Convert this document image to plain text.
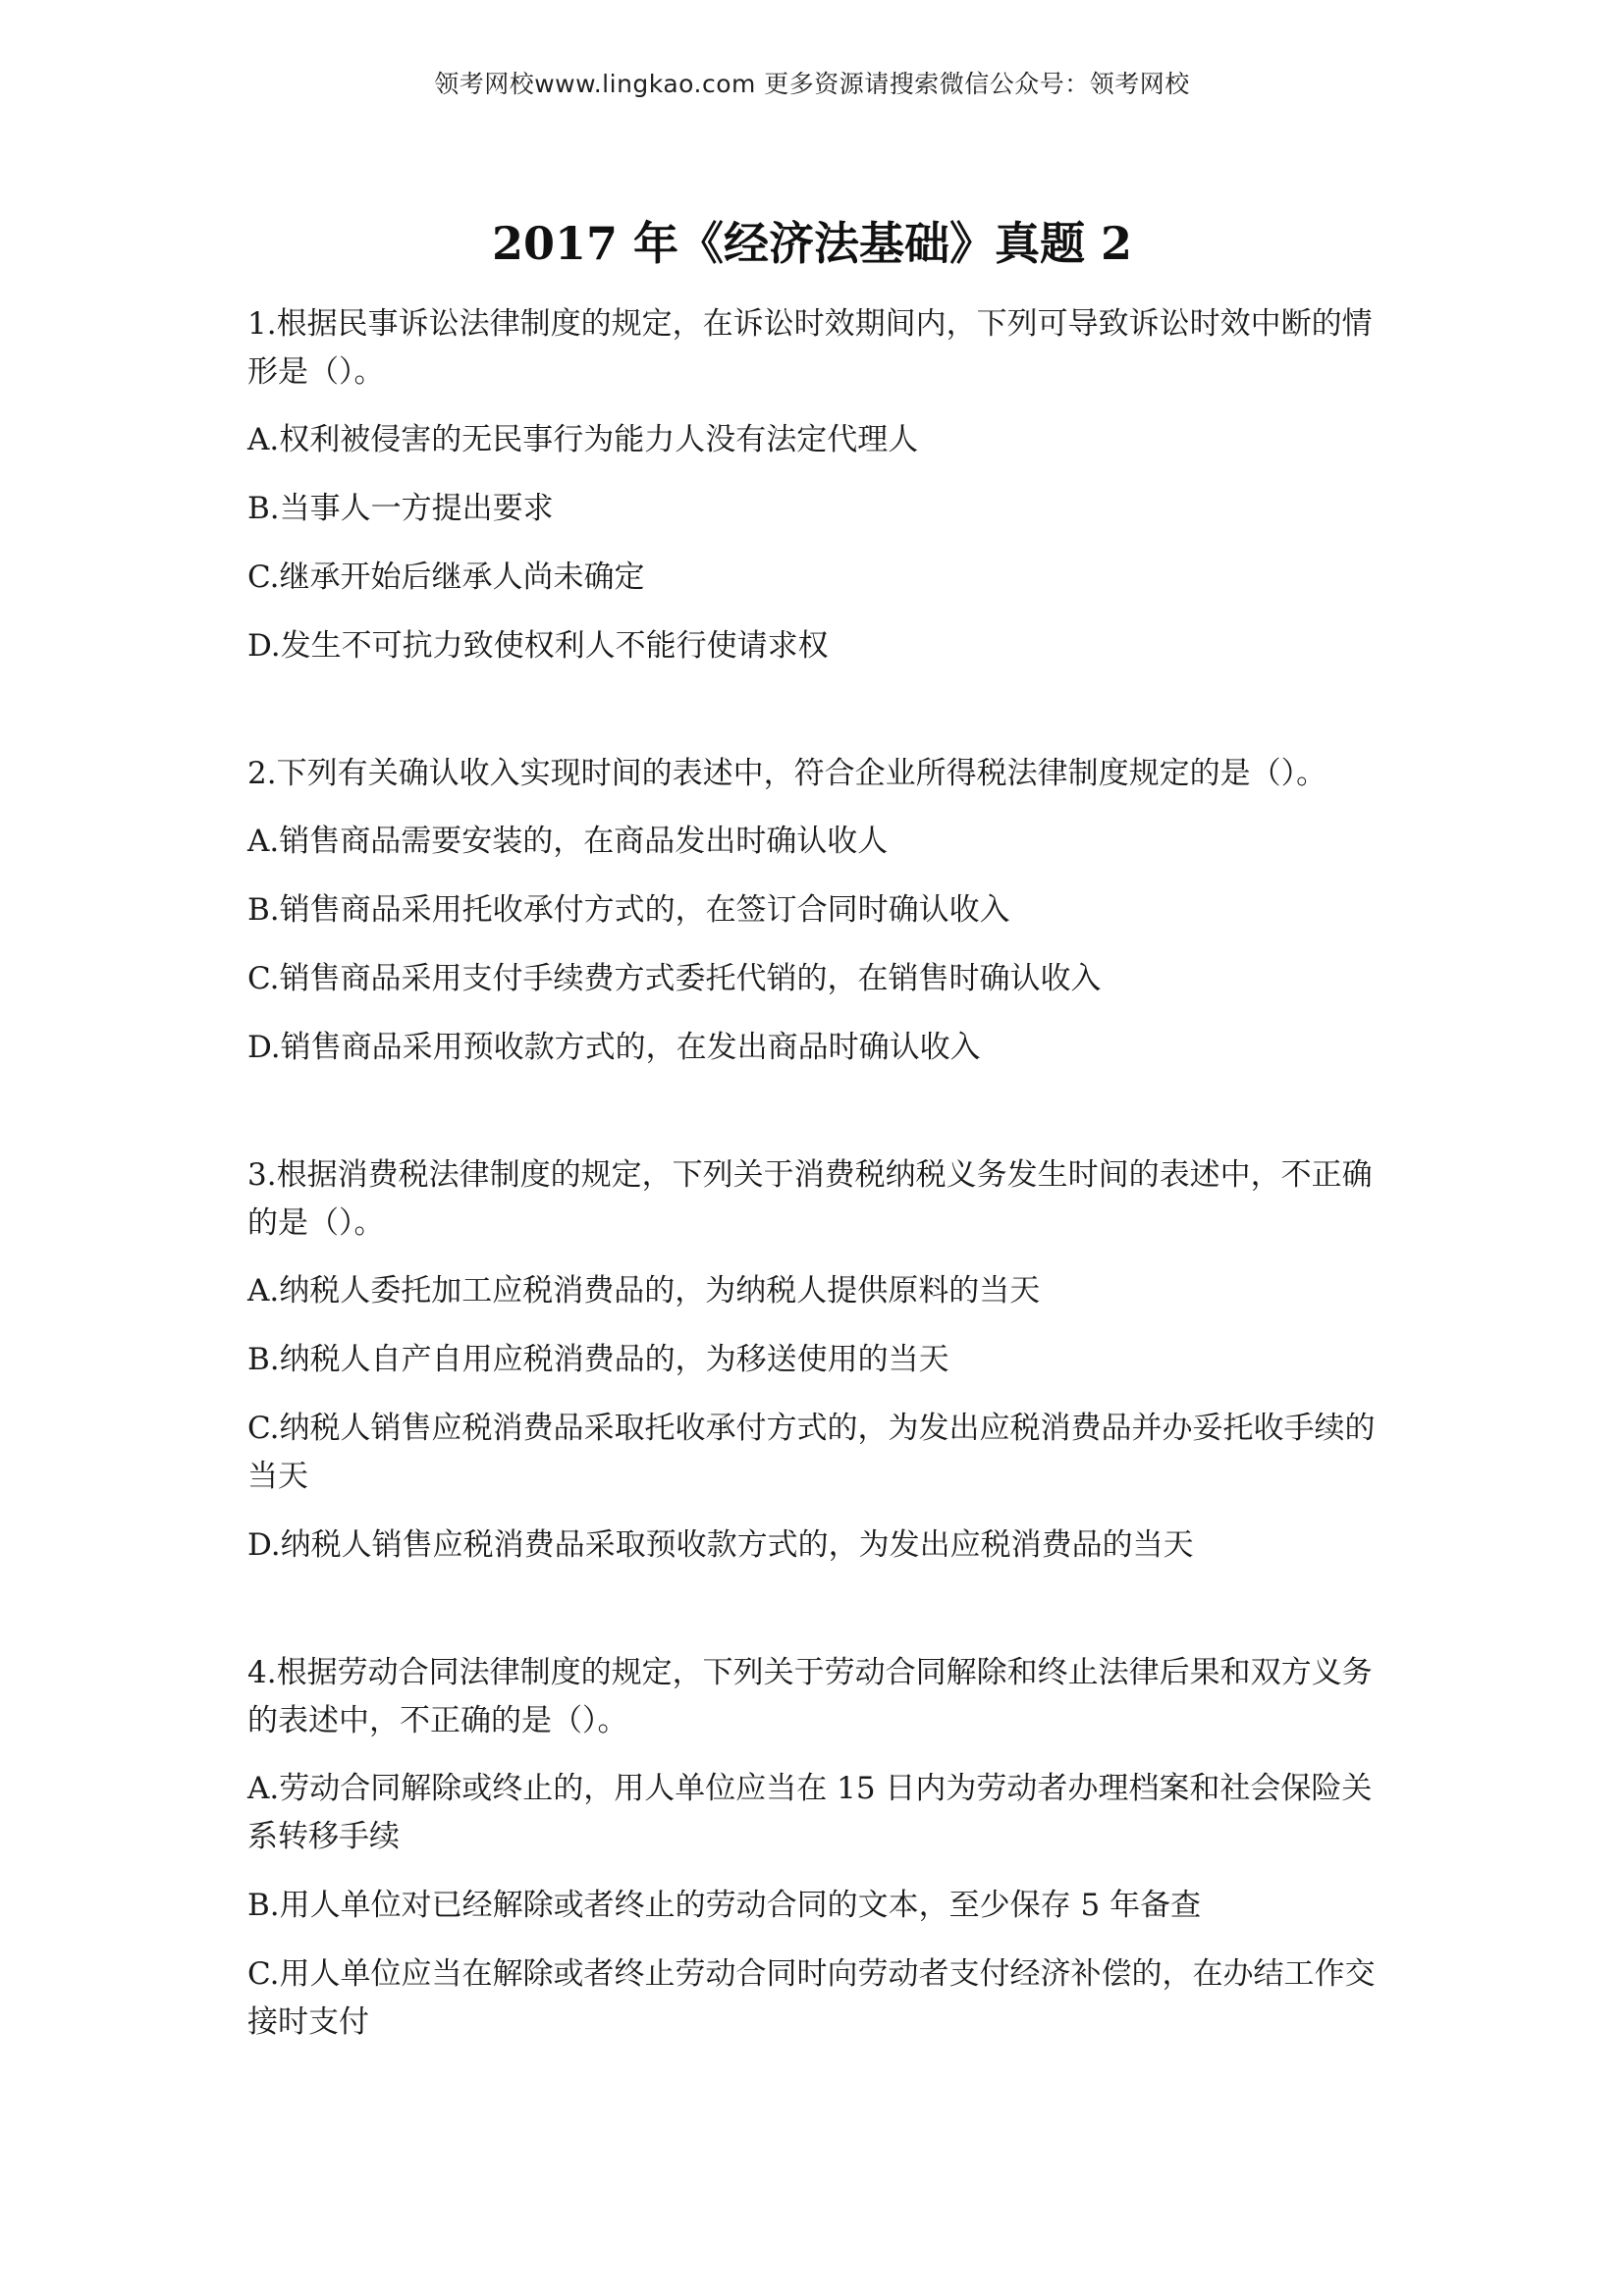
领考网校www.lingkao.com 更多资源请搜索微信公众号：领考网校
2017 年《经济法基础》真题 2

1.根据民事诉讼法律制度的规定，在诉讼时效期间内，下列可导致诉讼时效中断的情形是（）。

A.权利被侵害的无民事行为能力人没有法定代理人

B.当事人一方提出要求

C.继承开始后继承人尚未确定

D.发生不可抗力致使权利人不能行使请求权

2.下列有关确认收入实现时间的表述中，符合企业所得税法律制度规定的是（）。

A.销售商品需要安装的，在商品发出时确认收人

B.销售商品采用托收承付方式的，在签订合同时确认收入

C.销售商品采用支付手续费方式委托代销的，在销售时确认收入

D.销售商品采用预收款方式的，在发出商品时确认收入

3.根据消费税法律制度的规定，下列关于消费税纳税义务发生时间的表述中，不正确的是（）。

A.纳税人委托加工应税消费品的，为纳税人提供原料的当天

B.纳税人自产自用应税消费品的，为移送使用的当天

C.纳税人销售应税消费品采取托收承付方式的，为发出应税消费品并办妥托收手续的当天

D.纳税人销售应税消费品采取预收款方式的，为发出应税消费品的当天

4.根据劳动合同法律制度的规定，下列关于劳动合同解除和终止法律后果和双方义务的表述中，不正确的是（）。

A.劳动合同解除或终止的，用人单位应当在 15 日内为劳动者办理档案和社会保险关系转移手续

B.用人单位对已经解除或者终止的劳动合同的文本，至少保存 5 年备查

C.用人单位应当在解除或者终止劳动合同时向劳动者支付经济补偿的，在办结工作交接时支付
